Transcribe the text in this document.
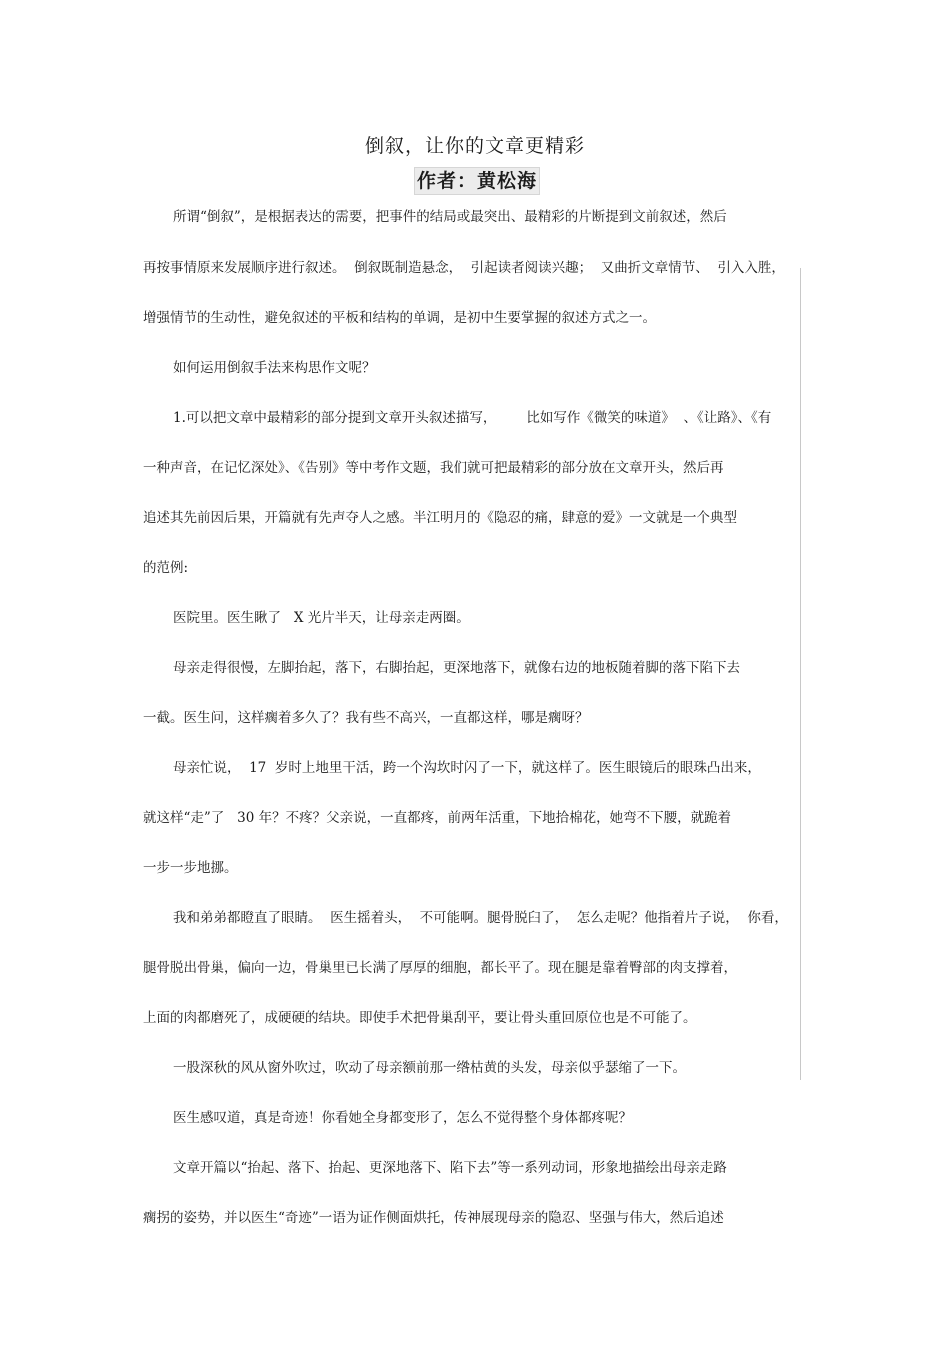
倒叙，让你的文章更精彩
作者：黄松海
所谓“倒叙”，是根据表达的需要，把事件的结局或最突出、最精彩的片断提到文前叙述，然后
再按事情原来发展顺序进行叙述。  倒叙既制造悬念，  引起读者阅读兴趣；  又曲折文章情节、  引入入胜，
增强情节的生动性，避免叙述的平板和结构的单调，是初中生要掌握的叙述方式之一。
如何运用倒叙手法来构思作文呢？
1.可以把文章中最精彩的部分提到文章开头叙述描写，       比如写作《微笑的味道》  、《让路》、《有
一种声音，在记忆深处》、《告别》等中考作文题，我们就可把最精彩的部分放在文章开头，然后再
追述其先前因后果，开篇就有先声夺人之感。半江明月的《隐忍的痛，肆意的爱》一文就是一个典型
的范例:
医院里。医生瞅了   X 光片半天，让母亲走两圈。
母亲走得很慢，左脚抬起，落下，右脚抬起，更深地落下，就像右边的地板随着脚的落下陷下去
一截。医生问，这样瘸着多久了？我有些不高兴，一直都这样，哪是瘸呀？
母亲忙说，  17  岁时上地里干活，跨一个沟坎时闪了一下，就这样了。医生眼镜后的眼珠凸出来，
就这样“走”了   30 年？不疼？父亲说，一直都疼，前两年活重，下地拾棉花，她弯不下腰，就跪着
一步一步地挪。
我和弟弟都瞪直了眼睛。  医生摇着头，  不可能啊。腿骨脱臼了，  怎么走呢？他指着片子说，  你看，
腿骨脱出骨巢，偏向一边，骨巢里已长满了厚厚的细胞，都长平了。现在腿是靠着臀部的肉支撑着，
上面的肉都磨死了，成硬硬的结块。即使手术把骨巢刮平，要让骨头重回原位也是不可能了。
一股深秋的风从窗外吹过，吹动了母亲额前那一绺枯黄的头发，母亲似乎瑟缩了一下。
医生感叹道，真是奇迹！你看她全身都变形了，怎么不觉得整个身体都疼呢？
文章开篇以“抬起、落下、抬起、更深地落下、陷下去”等一系列动词，形象地描绘出母亲走路
瘸拐的姿势，并以医生“奇迹”一语为证作侧面烘托，传神展现母亲的隐忍、坚强与伟大，然后追述
